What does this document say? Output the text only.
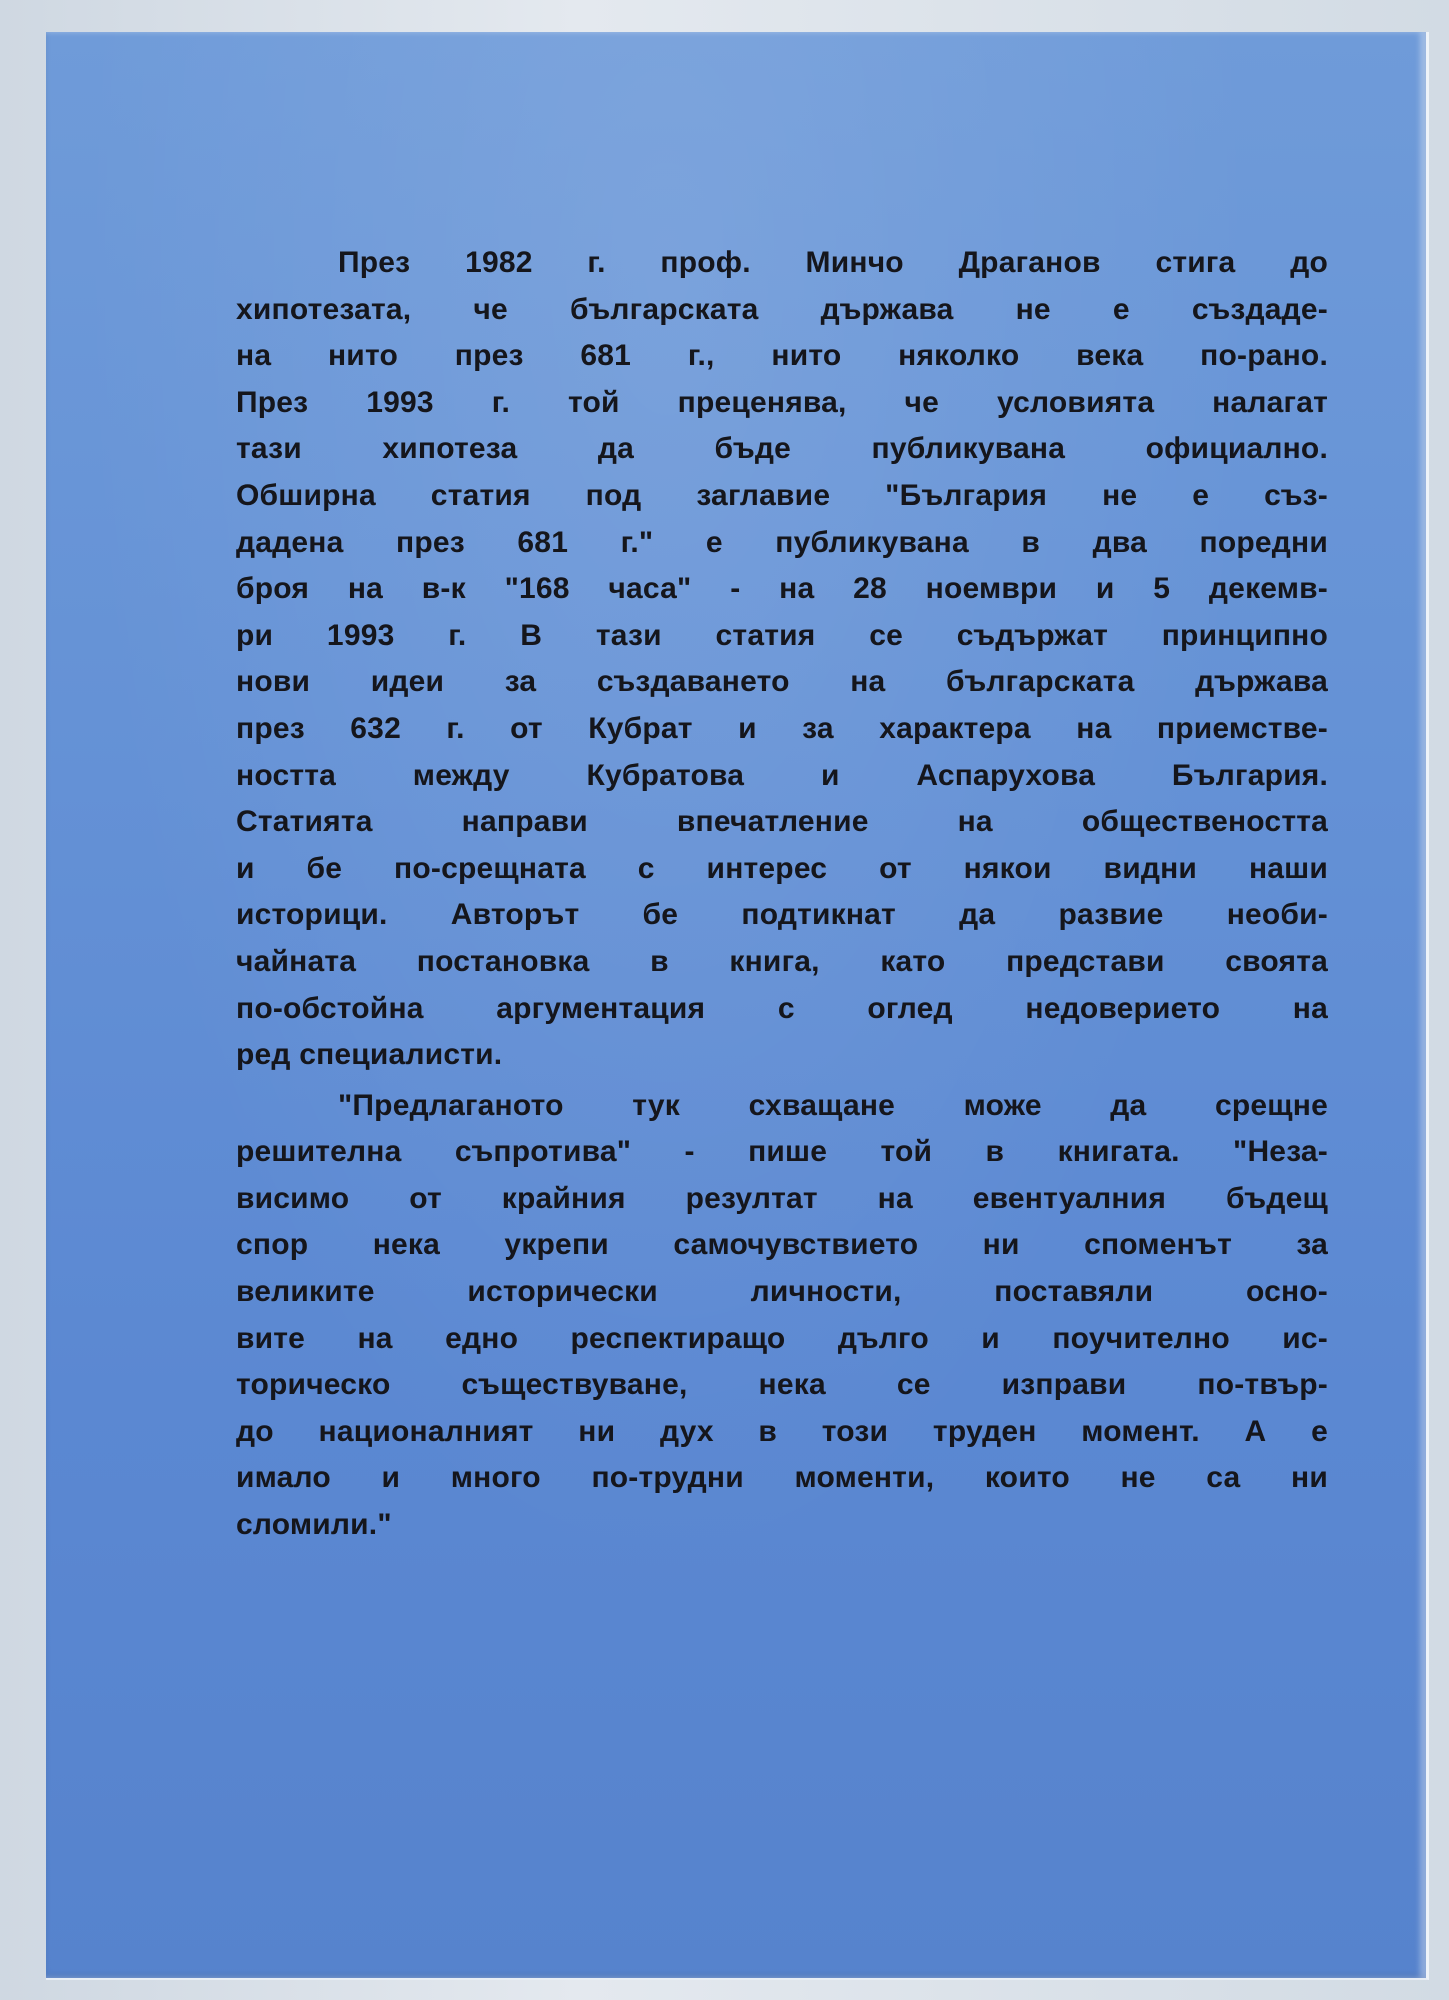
През 1982 г. проф. Минчо Драганов стига до
хипотезата, че българската държава не е създаде-
на нито през 681 г., нито няколко века по-рано.
През 1993 г. той преценява, че условията налагат
тази хипотеза да бъде публикувана официално.
Обширна статия под заглавие "България не е съз-
дадена през 681 г." е публикувана в два поредни
броя на в-к "168 часа" - на 28 ноември и 5 декемв-
ри 1993 г. В тази статия се съдържат принципно
нови идеи за създаването на българската държава
през 632 г. от Кубрат и за характера на приемстве-
ността между Кубратова и Аспарухова България.
Статията направи впечатление на обществеността
и бе по-срещната с интерес от някои видни наши
историци. Авторът бе подтикнат да развие необи-
чайната постановка в книга, като представи своята
по-обстойна аргументация с оглед недоверието на
ред специалисти.
"Предлаганото тук схващане може да срещне
решителна съпротива" - пише той в книгата. "Неза-
висимо от крайния резултат на евентуалния бъдещ
спор нека укрепи самочувствието ни споменът за
великите исторически личности, поставяли осно-
вите на едно респектиращо дълго и поучително ис-
торическо съществуване, нека се изправи по-твър-
до националният ни дух в този труден момент. А е
имало и много по-трудни моменти, които не са ни
сломили."
